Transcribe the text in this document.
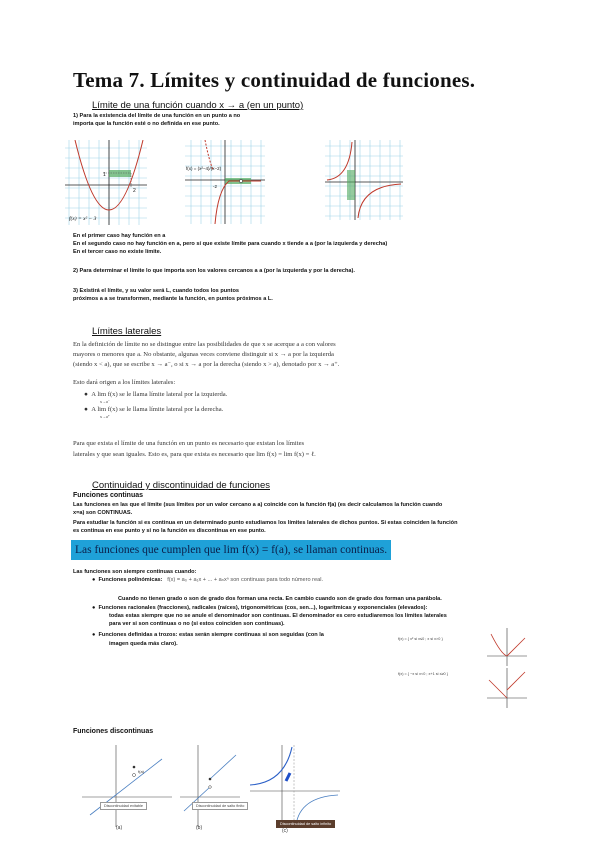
Tema 7. Límites y continuidad de funciones.
Límite de una función cuando x → a (en un punto)
1) Para la existencia del límite de una función en un punto a no
importa que la función esté o no definida en ese punto.
1
2
f(x) = x² − 3
f(x) = (x²−4)/(x−2)
-2
En el primer caso hay función en a
En el segundo caso no hay función en a, pero sí que existe límite para cuando x tiende a a (por la izquierda y derecha)
En el tercer caso no existe límite.
2) Para determinar el límite lo que importa son los valores cercanos a a (por la izquierda y por la derecha).
3) Existirá el límite, y su valor será L, cuando todos los puntos
próximos a a se transformen, mediante la función, en puntos próximos a L.
Límites laterales
En la definición de límite no se distingue entre las posibilidades de que x se acerque a a con valores
mayores o menores que a. No obstante, algunas veces conviene distinguir si x → a por la izquierda
(siendo x < a), que se escribe x → a⁻, o si x → a por la derecha (siendo x > a), denotado por x → a⁺.
Esto dará origen a los límites laterales:
●  A lim f(x) se le llama límite lateral por la izquierda.
x→a⁻
●  A lim f(x) se le llama límite lateral por la derecha.
x→a⁺
Para que exista el límite de una función en un punto es necesario que existan los límites
laterales y que sean iguales. Esto es, para que exista es necesario que lim f(x) = lim f(x) = ℓ.
Continuidad y discontinuidad de funciones
Funciones continuas
Las funciones en las que el límite (sus límites por un valor cercano a a) coincide con la función f(a) (es decir calculamos la función cuando
x=a) son CONTINUAS.
Para estudiar la función si es continua en un determinado punto estudiamos los límites laterales de dichos puntos. Si estas coinciden la función
es continua en ese punto y si no la función es discontinua en ese punto.
Las funciones que cumplen que lim f(x) = f(a), se llaman continuas.
Las funciones son siempre continuas cuando:
●  Funciones polinómicas: f(x) = a₀ + a₁x + ... + aₙxⁿ son continuas para todo número real.
Cuando no tienen grado o son de grado dos forman una recta. En cambio cuando son de grado dos forman una parábola.
●  Funciones racionales (fracciones), radicales (raíces), trigonométricas (cos, sen...), logarítmicas y exponenciales (elevados):
todas estas siempre que no se anule el denominador son continuas. El denominador es cero estudiaremos los límites laterales
para ver si son continuas o no (si estos coinciden son continuas).
●  Funciones definidas a trozos: estas serán siempre continuas si son seguidas (con la
imagen queda más claro).
f(x) = { x² si x≤0 ; x si x>0 }
f(x) = { −x si x<0 ; x+1 si x≥0 }
Funciones discontinuas
f(a)
Discontinuidad evitable
(a)
Discontinuidad de salto finito
(b)
Discontinuidad de salto infinito
(c)
